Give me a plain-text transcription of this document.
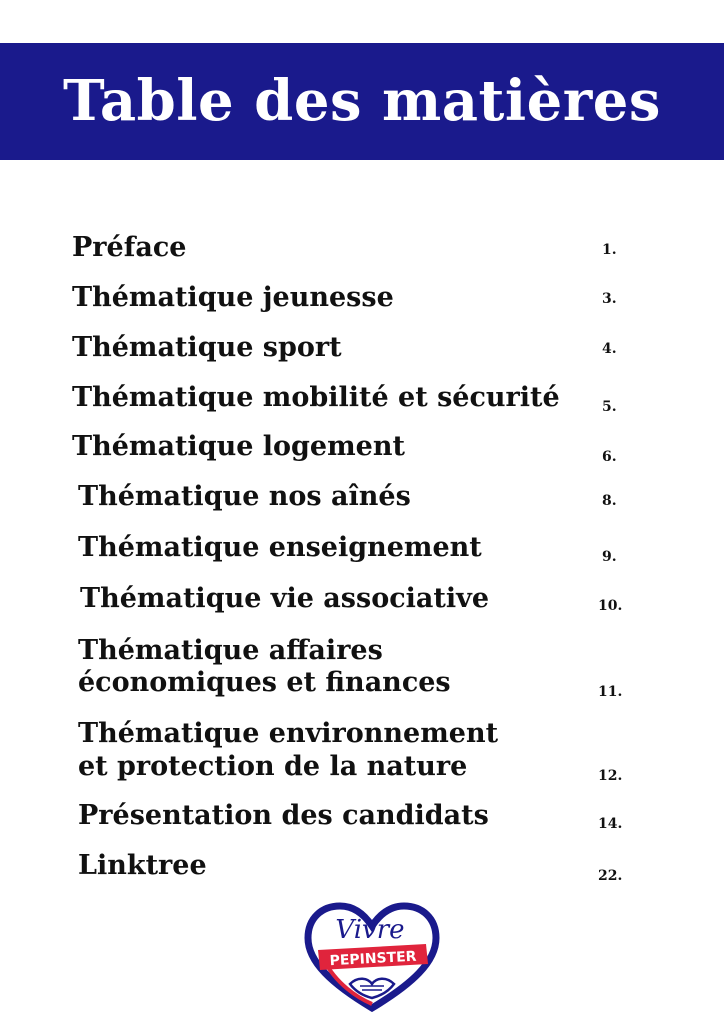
Table des matières
Préface	1.
Thématique jeunesse	3.
Thématique sport	4.
Thématique mobilité et sécurité	5.
Thématique logement	6.
Thématique nos aînés	8.
Thématique enseignement	9.
Thématique vie associative	10.
Thématique affaires
économiques et finances	11.
Thématique environnement
et protection de la nature	12.
Présentation des candidats	14.
Linktree	22.
Vivre
PEPINSTER
